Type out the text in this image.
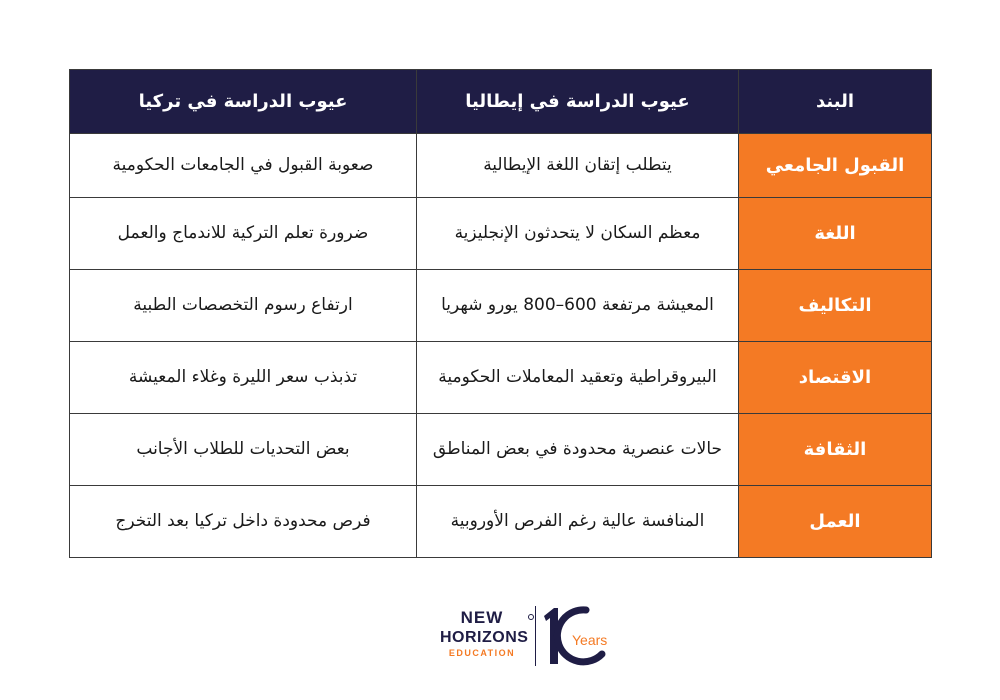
البند	عيوب الدراسة في إيطاليا	عيوب الدراسة في تركيا
القبول الجامعي	يتطلب إتقان اللغة الإيطالية	صعوبة القبول في الجامعات الحكومية
اللغة	معظم السكان لا يتحدثون الإنجليزية	ضرورة تعلم التركية للاندماج والعمل
التكاليف	المعيشة مرتفعة 600–800 يورو شهريا	ارتفاع رسوم التخصصات الطبية
الاقتصاد	البيروقراطية وتعقيد المعاملات الحكومية	تذبذب سعر الليرة وغلاء المعيشة
الثقافة	حالات عنصرية محدودة في بعض المناطق	بعض التحديات للطلاب الأجانب
العمل	المنافسة عالية رغم الفرص الأوروبية	فرص محدودة داخل تركيا بعد التخرج
NEW
HORIZONS
EDUCATION
Years
